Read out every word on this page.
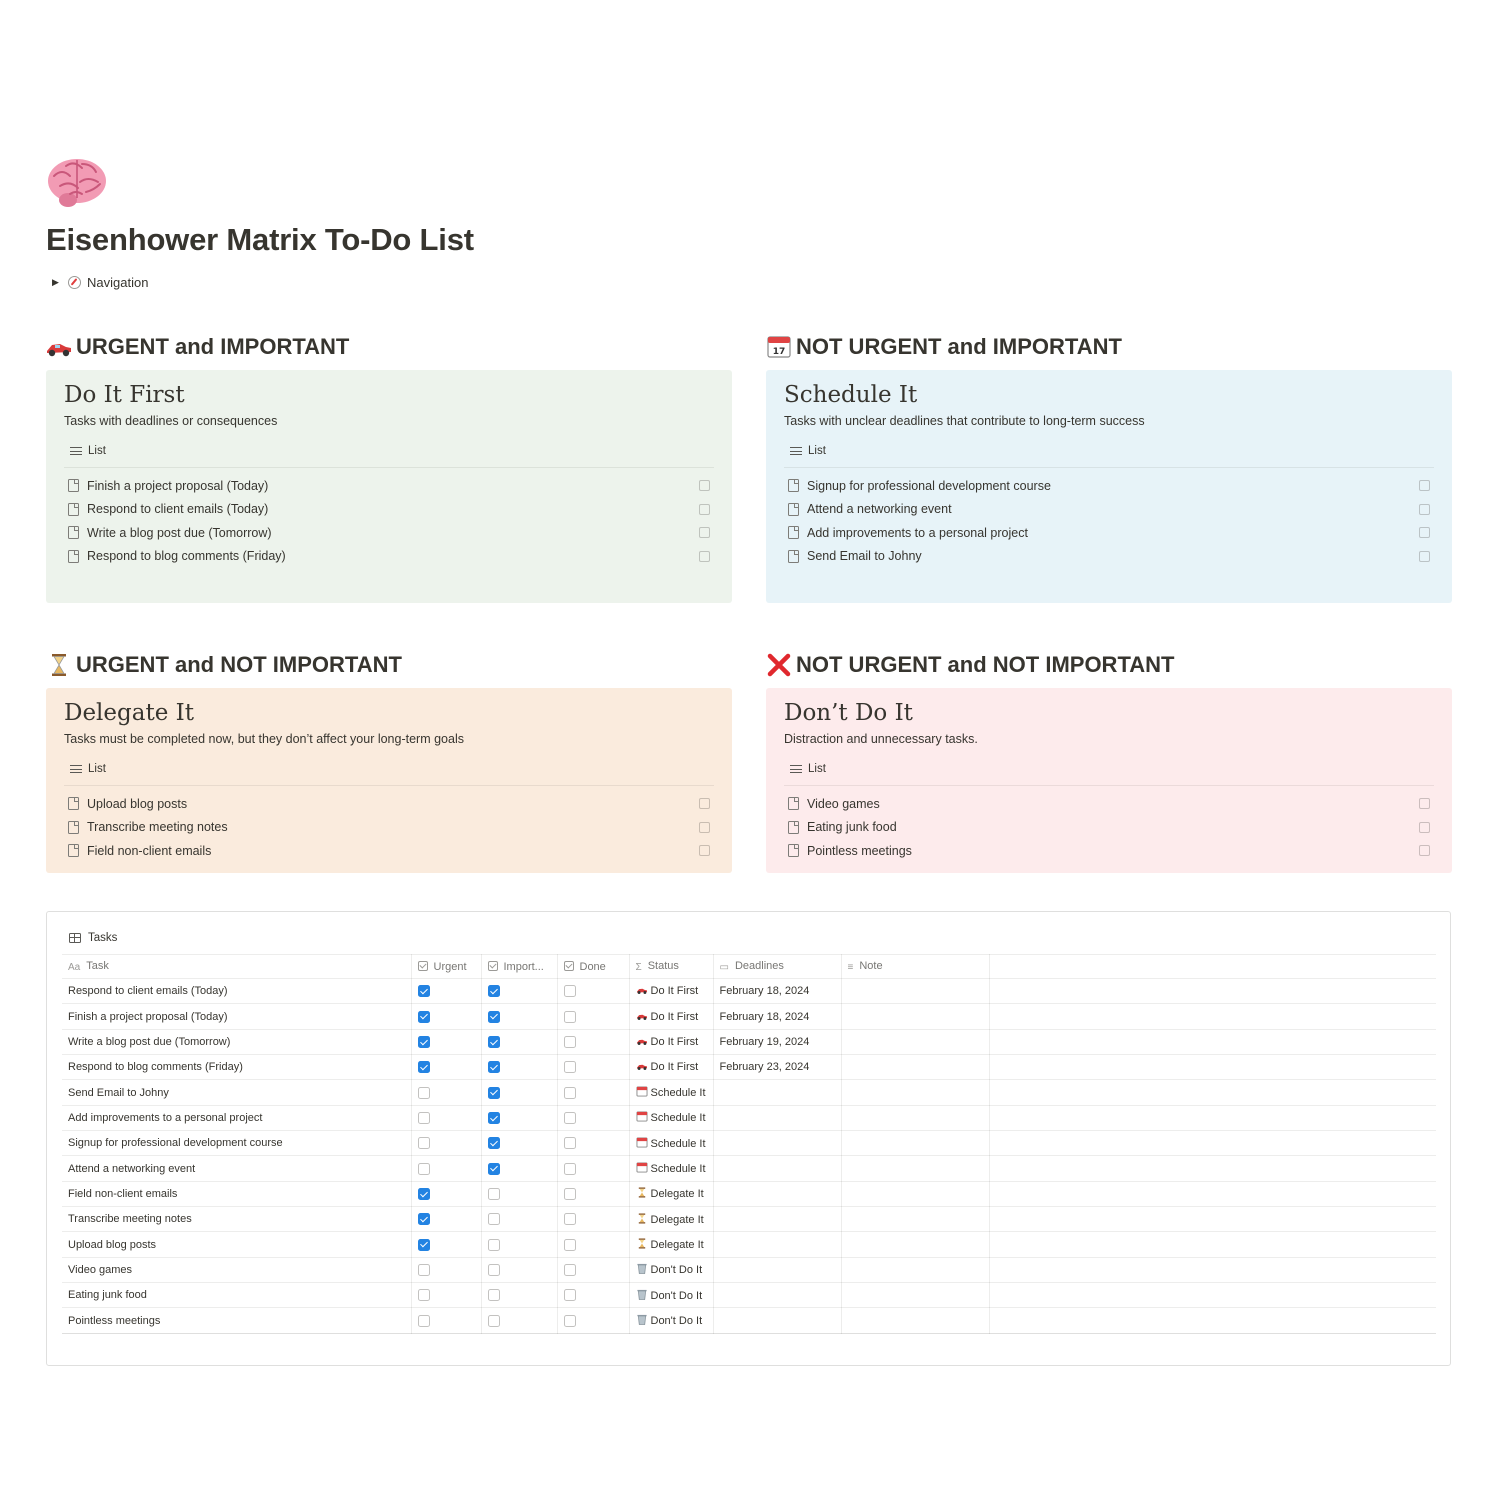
Eisenhower Matrix To-Do List
▶ Navigation
URGENT and IMPORTANT
Do It First
Tasks with deadlines or consequences
List
Finish a project proposal (Today)
Respond to client emails (Today)
Write a blog post due (Tomorrow)
Respond to blog comments (Friday)
17 NOT URGENT and IMPORTANT
Schedule It
Tasks with unclear deadlines that contribute to long-term success
List
Signup for professional development course
Attend a networking event
Add improvements to a personal project
Send Email to Johny
URGENT and NOT IMPORTANT
Delegate It
Tasks must be completed now, but they don’t affect your long-term goals
List
Upload blog posts
Transcribe meeting notes
Field non-client emails
NOT URGENT and NOT IMPORTANT
Don’t Do It
Distraction and unnecessary tasks.
List
Video games
Eating junk food
Pointless meetings
Tasks
Aa Task	Urgent	Import...	Done	Σ Status	▭ Deadlines	≡ Note	
Respond to client emails (Today)				Do It First	February 18, 2024		
Finish a project proposal (Today)				Do It First	February 18, 2024		
Write a blog post due (Tomorrow)				Do It First	February 19, 2024		
Respond to blog comments (Friday)				Do It First	February 23, 2024		
Send Email to Johny				Schedule It			
Add improvements to a personal project				Schedule It			
Signup for professional development course				Schedule It			
Attend a networking event				Schedule It			
Field non-client emails				Delegate It			
Transcribe meeting notes				Delegate It			
Upload blog posts				Delegate It			
Video games				Don't Do It			
Eating junk food				Don't Do It			
Pointless meetings				Don't Do It			
